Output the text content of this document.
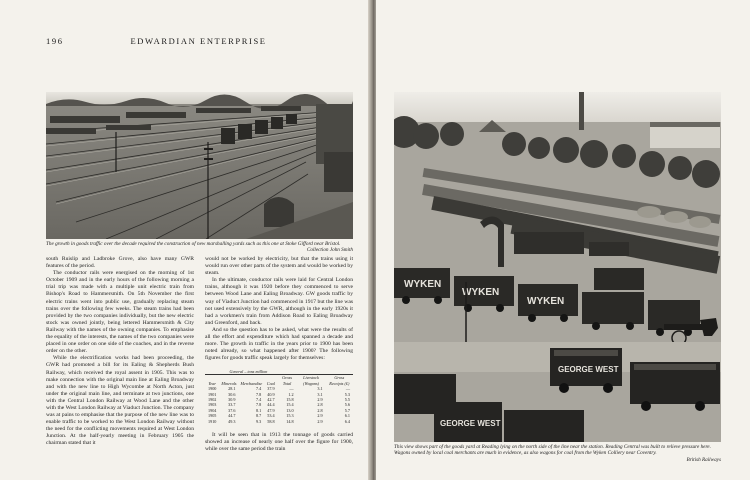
196	EDWARDIAN ENTERPRISE
The growth in goods traffic over the decade required the construction of new marshalling yards such as this one at Stoke Gifford near Bristol.
Collection John Smith

south Ruislip and Ladbroke Grove, also have many GWR features of the period.

The conductor rails were energised on the morning of 1st October 1909 and in the early hours of the following morning a trial trip was made with a multiple unit electric train from Bishop's Road to Hammersmith. On 5th November the first electric trains went into public use, gradually replacing steam trains over the following few weeks. The steam trains had been provided by the two companies individually, but the new electric stock was owned jointly, being lettered Hammersmith & City Railway with the names of the owning companies. To emphasise the equality of the interests, the names of the two companies were placed in one order on one side of the coaches, and in the reverse order on the other.

While the electrification works had been proceeding, the GWR had promoted a bill for its Ealing & Shepherds Bush Railway, which received the royal assent in 1905. This was to make connection with the original main line at Ealing Broadway and with the new line to High Wycombe at North Acton, just under the original main line, and terminate at two junctions, one with the Central London Railway at Wood Lane and the other with the West London Railway at Viaduct Junction. The company was at pains to emphasise that the purpose of the new line was to enable traffic to be worked to the West London Railway without the need for the conflicting movements required at West London Junction. At the half-yearly meeting in February 1905 the chairman stated that it

would not be worked by electricity, but that the trains using it would run over other parts of the system and would be worked by steam.

In the ultimate, conductor rails were laid for Central London trains, although it was 1920 before they commenced to serve between Wood Lane and Ealing Broadway. GW goods traffic by way of Viaduct Junction had commenced in 1917 but the line was not used extensively by the GWR, although in the early 1920s it had a workmen's train from Addison Road to Ealing Broadway and Greenford, and back.

And so the question has to be asked, what were the results of all the effort and expenditure which had spanned a decade and more. The growth in traffic in the years prior to 1900 has been noted already, so what happened after 1900? The following figures for goods traffic speak largely for themselves:

	General – tons million					
Year	Minerals	Merchandise	Coal	Gross Total	Livestock (Wagons)	Gross Receipts (£)
1900	28.1	7.4	37.9	—	3.1	—
1901	30.6	7.8	40.9	1.2	3.1	5.3
1902	30.9	7.4	42.7	15.8	2.9	5.5
1903	33.7	7.8	44.4	15.4	2.8	5.6
1904	37.6	8.1	47.9	13.0	2.8	5.7
1905	44.7	8.7	53.4	15.3	2.9	6.1
1910	49.3	9.3	58.8	14.8	2.9	6.4

It will be seen that in 1913 the tonnage of goods carried showed an increase of nearly one half over the figure for 1900, while over the same period the train

WYKEN
WYKEN
WYKEN
GEORGE WEST
GEORGE WEST
This view shows part of the goods yard at Reading lying on the north side of the line near the station. Reading Central was built to relieve pressure here. Wagons owned by local coal merchants are much in evidence, as also wagons for coal from the Wyken Colliery near Coventry.
British Railways
